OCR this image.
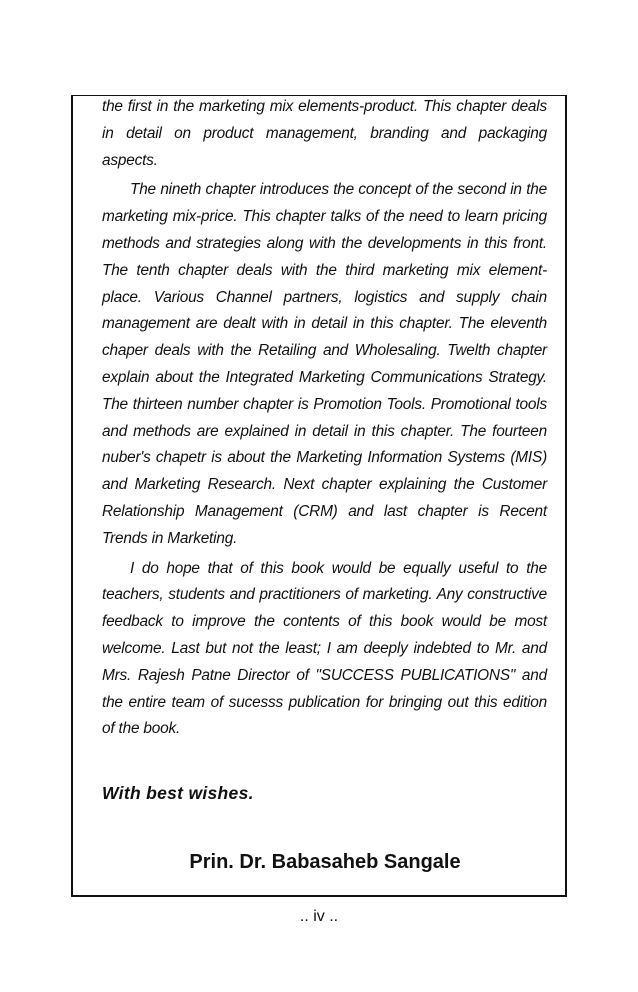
the first in the marketing mix elements-product. This chapter deals in detail on product management, branding and packaging aspects.

The nineth chapter introduces the concept of the second in the marketing mix-price. This chapter talks of the need to learn pricing methods and strategies along with the developments in this front. The tenth chapter deals with the third marketing mix element-place. Various Channel partners, logistics and supply chain management are dealt with in detail in this chapter. The eleventh chaper deals with the Retailing and Wholesaling. Twelth chapter explain about the Integrated Marketing Communications Strategy. The thirteen number chapter is Promotion Tools. Promotional tools and methods are explained in detail in this chapter. The fourteen nuber's chapetr is about the Marketing Information Systems (MIS) and Marketing Research. Next chapter explaining the Customer Relationship Management (CRM) and last chapter is Recent Trends in Marketing.

I do hope that of this book would be equally useful to the teachers, students and practitioners of marketing. Any constructive feedback to improve the contents of this book would be most welcome. Last but not the least; I am deeply indebted to Mr. and Mrs. Rajesh Patne Director of "SUCCESS PUBLICATIONS" and the entire team of sucesss publication for bringing out this edition of the book.

With best wishes.
Prin. Dr. Babasaheb Sangale
.. iv ..
